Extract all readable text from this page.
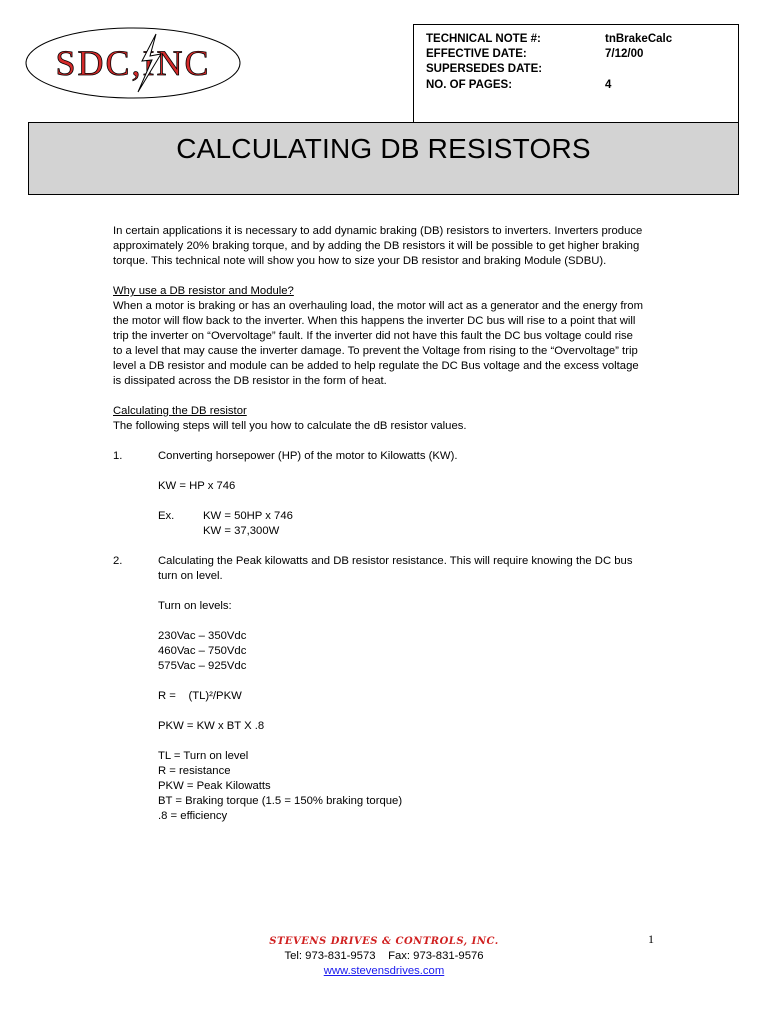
SDC,INC
TECHNICAL NOTE #:	tnBrakeCalc
EFFECTIVE DATE:	7/12/00
SUPERSEDES DATE:
NO. OF PAGES:	4
CALCULATING DB RESISTORS

In certain applications it is necessary to add dynamic braking (DB) resistors to inverters. Inverters produce approximately 20% braking torque, and by adding the DB resistors it will be possible to get higher braking torque. This technical note will show you how to size your DB resistor and braking Module (SDBU).

Why use a DB resistor and Module?

When a motor is braking or has an overhauling load, the motor will act as a generator and the energy from the motor will flow back to the inverter. When this happens the inverter DC bus will rise to a point that will trip the inverter on “Overvoltage” fault. If the inverter did not have this fault the DC bus voltage could rise to a level that may cause the inverter damage. To prevent the Voltage from rising to the “Overvoltage” trip level a DB resistor and module can be added to help regulate the DC Bus voltage and the excess voltage is dissipated across the DB resistor in the form of heat.

Calculating the DB resistor

The following steps will tell you how to calculate the dB resistor values.

1.	Converting horsepower (HP) of the motor to Kilowatts (KW).

KW = HP x 746

Ex.	KW = 50HP x 746

KW = 37,300W

2.	Calculating the Peak kilowatts and DB resistor resistance. This will require knowing the DC bus turn on level.

Turn on levels:

230Vac – 350Vdc

460Vac – 750Vdc

575Vac – 925Vdc

R =    (TL)²/PKW

PKW = KW x BT X .8

TL = Turn on level

R = resistance

PKW = Peak Kilowatts

BT = Braking torque (1.5 = 150% braking torque)

.8 = efficiency

STEVENS DRIVES & CONTROLS, INC.
Tel: 973-831-9573    Fax: 973-831-9576
www.stevensdrives.com
1
